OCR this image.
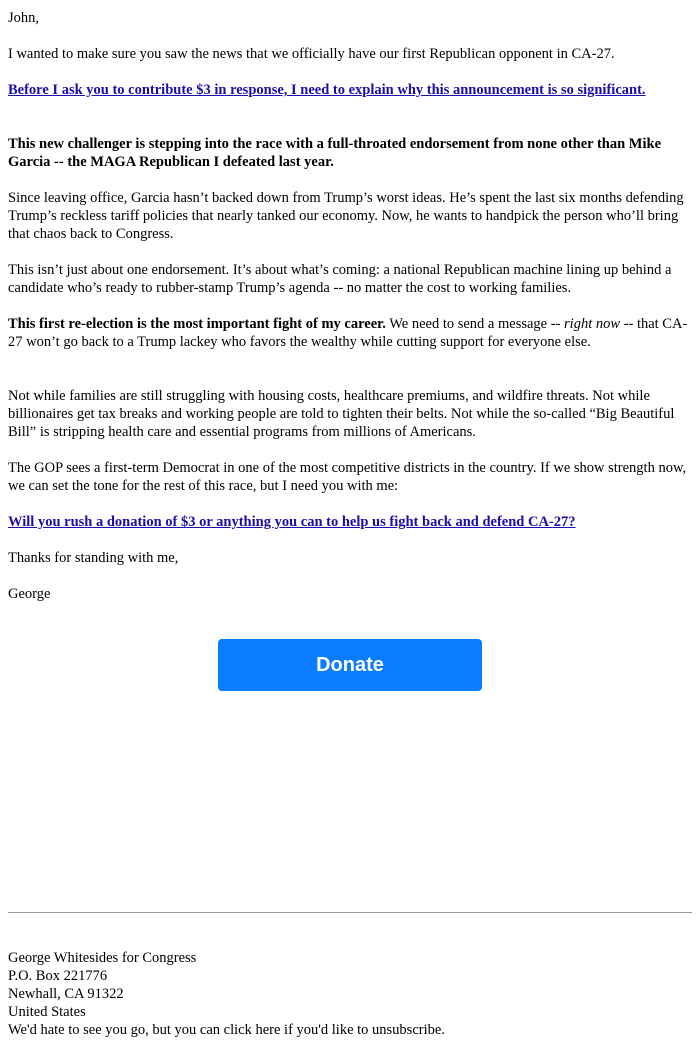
John,

I wanted to make sure you saw the news that we officially have our first Republican opponent in CA-27.

Before I ask you to contribute $3 in response, I need to explain why this announcement is so significant.

This new challenger is stepping into the race with a full-throated endorsement from none other than Mike Garcia -- the MAGA Republican I defeated last year.

Since leaving office, Garcia hasn’t backed down from Trump’s worst ideas. He’s spent the last six months defending Trump’s reckless tariff policies that nearly tanked our economy. Now, he wants to handpick the person who’ll bring that chaos back to Congress.

This isn’t just about one endorsement. It’s about what’s coming: a national Republican machine lining up behind a candidate who’s ready to rubber-stamp Trump’s agenda -- no matter the cost to working families.

This first re-election is the most important fight of my career. We need to send a message -- right now -- that CA-27 won’t go back to a Trump lackey who favors the wealthy while cutting support for everyone else.

Not while families are still struggling with housing costs, healthcare premiums, and wildfire threats. Not while billionaires get tax breaks and working people are told to tighten their belts. Not while the so-called “Big Beautiful Bill” is stripping health care and essential programs from millions of Americans.

The GOP sees a first-term Democrat in one of the most competitive districts in the country. If we show strength now, we can set the tone for the rest of this race, but I need you with me:

Will you rush a donation of $3 or anything you can to help us fight back and defend CA-27?

Thanks for standing with me,

George

Donate
George Whitesides for Congress
P.O. Box 221776
Newhall, CA 91322
United States
We'd hate to see you go, but you can click here if you'd like to unsubscribe.
